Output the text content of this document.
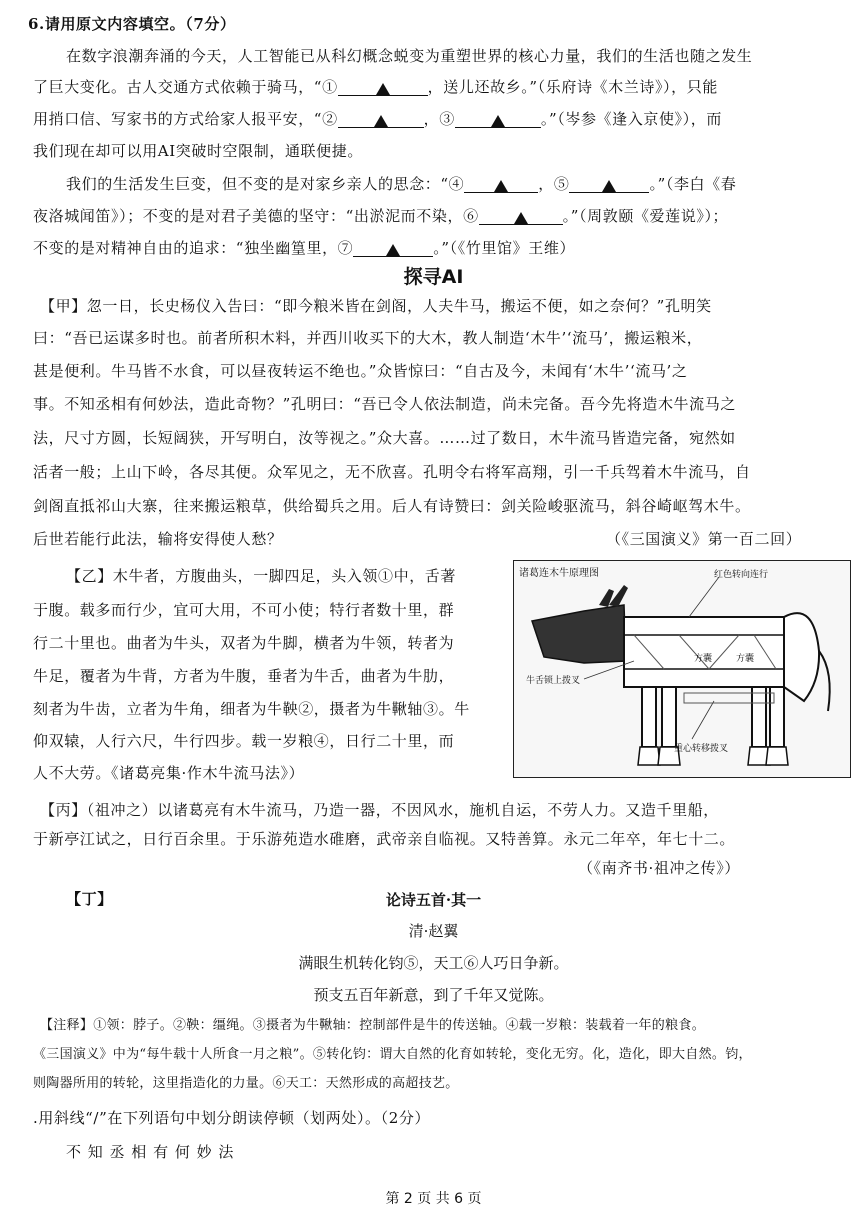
6.请用原文内容填空。（7分）
在数字浪潮奔涌的今天，人工智能已从科幻概念蜕变为重塑世界的核心力量，我们的生活也随之发生
了巨大变化。古人交通方式依赖于骑马，“①	，送儿还故乡。”（乐府诗《木兰诗》），只能
用捎口信、写家书的方式给家人报平安，“②	，③	。”（岑参《逢入京使》），而
我们现在却可以用AI突破时空限制，通联便捷。
我们的生活发生巨变，但不变的是对家乡亲人的思念：“④	，⑤	。”（李白《春
夜洛城闻笛》）；不变的是对君子美德的坚守：“出淤泥而不染，⑥	。”（周敦颐《爱莲说》）；
不变的是对精神自由的追求：“独坐幽篁里，⑦	。”（《竹里馆》王维）
探寻AI
【甲】忽一日，长史杨仪入告曰：“即今粮米皆在剑阁，人夫牛马，搬运不便，如之奈何？”孔明笑
曰：“吾已运谋多时也。前者所积木料，并西川收买下的大木，教人制造‘木牛’‘流马’，搬运粮米，
甚是便利。牛马皆不水食，可以昼夜转运不绝也。”众皆惊曰：“自古及今，未闻有‘木牛’‘流马’之
事。不知丞相有何妙法，造此奇物？”孔明曰：“吾已令人依法制造，尚未完备。吾今先将造木牛流马之
法，尺寸方圆，长短阔狭，开写明白，汝等视之。”众大喜。……过了数日，木牛流马皆造完备，宛然如
活者一般；上山下岭，各尽其便。众军见之，无不欣喜。孔明令右将军高翔，引一千兵驾着木牛流马，自
剑阁直抵祁山大寨，往来搬运粮草，供给蜀兵之用。后人有诗赞曰：剑关险峻驱流马，斜谷崎岖驾木牛。
后世若能行此法，输将安得使人愁？	（《三国演义》第一百二回）
【乙】木牛者，方腹曲头，一脚四足，头入领①中，舌著
于腹。载多而行少，宜可大用，不可小使；特行者数十里，群
行二十里也。曲者为牛头，双者为牛脚，横者为牛领，转者为
牛足，覆者为牛背，方者为牛腹，垂者为牛舌，曲者为牛肋，
刻者为牛齿，立者为牛角，细者为牛鞅②，摄者为牛鞦轴③。牛
仰双辕，人行六尺，牛行四步。载一岁粮④，日行二十里，而
人不大劳。《诸葛亮集·作木牛流马法》）
诸葛连木牛原理图	红色转向连行
牛舌锁上拨叉
方囊	方囊
重心转移拨叉
【丙】（祖冲之）以诸葛亮有木牛流马，乃造一器，不因风水，施机自运，不劳人力。又造千里船，
于新亭江试之，日行百余里。于乐游苑造水碓磨，武帝亲自临视。又特善算。永元二年卒，年七十二。
（《南齐书·祖冲之传》）
【丁】	论诗五首·其一
清·赵翼
满眼生机转化钧⑤，天工⑥人巧日争新。
预支五百年新意，到了千年又觉陈。
【注释】①领：脖子。②鞅：缰绳。③摄者为牛鞦轴：控制部件是牛的传送轴。④载一岁粮：装载着一年的粮食。
《三国演义》中为“每牛载十人所食一月之粮”。⑤转化钧：谓大自然的化育如转轮，变化无穷。化，造化，即大自然。钧，
则陶器所用的转轮，这里指造化的力量。⑥天工：天然形成的高超技艺。
.用斜线“/”在下列语句中划分朗读停顿（划两处）。（2分）
不 知 丞 相 有 何 妙 法
第 2 页 共 6 页
